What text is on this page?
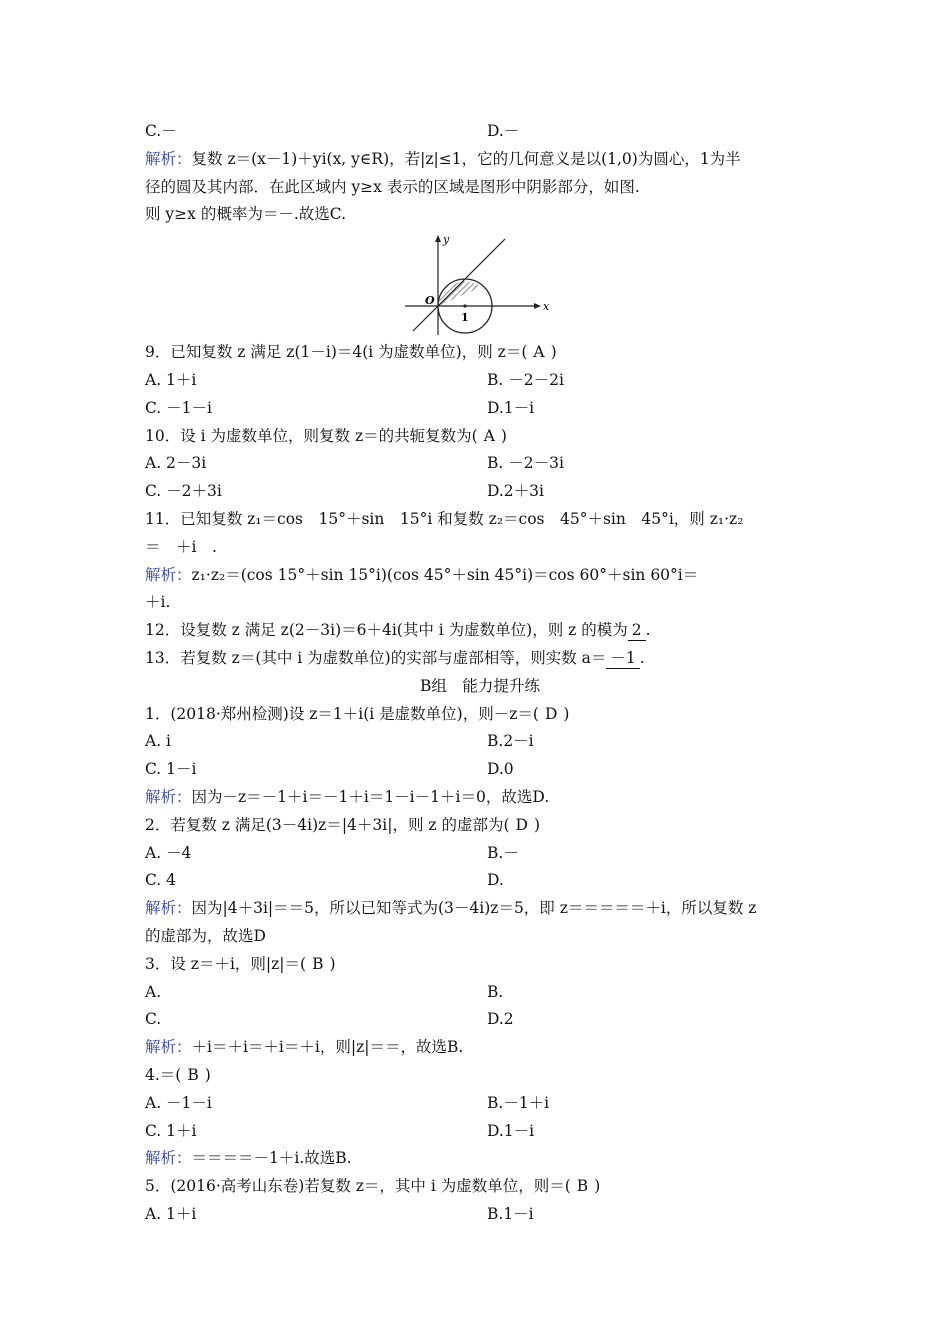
C.－	D.－
解析：复数 z＝(x－1)＋yi(x, y∈R)，若|z|≤1，它的几何意义是以(1,0)为圆心，1为半
径的圆及其内部．在此区域内 y≥x 表示的区域是图形中阴影部分，如图.
则 y≥x 的概率为＝－.故选C.
y
x
O
1
9．已知复数 z 满足 z(1－i)＝4(i 为虚数单位)，则 z＝( A )
A. 1＋i	B. －2－2i
C. －1－i	D.1－i
10．设 i 为虚数单位，则复数 z＝的共轭复数为( A )
A. 2－3i	B. －2－3i
C. －2＋3i	D.2＋3i
11．已知复数 z₁＝cos　15°＋sin　15°i 和复数 z₂＝cos　45°＋sin　45°i，则 z₁·z₂
＝　＋i　.
解析：z₁·z₂＝(cos 15°＋sin 15°i)(cos 45°＋sin 45°i)＝cos 60°＋sin 60°i＝
＋i.
12．设复数 z 满足 z(2－3i)＝6＋4i(其中 i 为虚数单位)，则 z 的模为 2 .
13．若复数 z＝(其中 i 为虚数单位)的实部与虚部相等，则实数 a＝ －1 .
B组　能力提升练
1．(2018·郑州检测)设 z＝1＋i(i 是虚数单位)，则－z＝( D )
A. i	B.2－i
C. 1－i	D.0
解析：因为－z＝－1＋i＝－1＋i＝1－i－1＋i＝0，故选D.
2．若复数 z 满足(3－4i)z＝|4＋3i|，则 z 的虚部为( D )
A. －4	B.－
C. 4	D.
解析：因为|4＋3i|＝＝5，所以已知等式为(3－4i)z＝5，即 z＝＝＝＝＝＋i，所以复数 z
的虚部为，故选D
3．设 z＝＋i，则|z|＝( B )
A.	B.
C.	D.2
解析：＋i＝＋i＝＋i＝＋i，则|z|＝＝，故选B.
4.＝( B )
A. －1－i	B.－1＋i
C. 1＋i	D.1－i
解析：＝＝＝＝－1＋i.故选B.
5．(2016·高考山东卷)若复数 z＝，其中 i 为虚数单位，则＝( B )
A. 1＋i	B.1－i
